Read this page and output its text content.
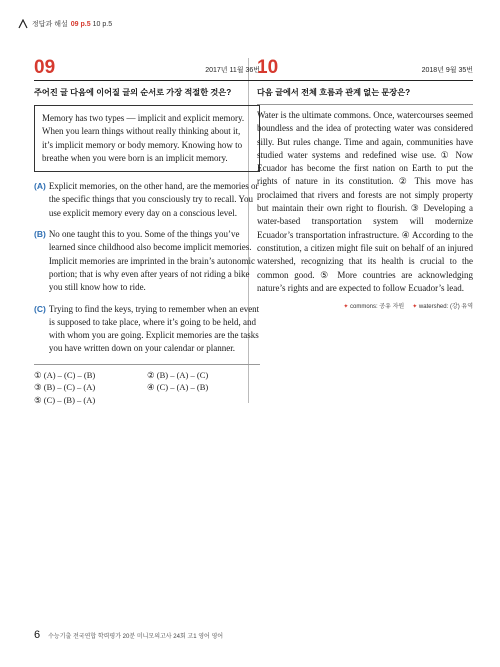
정답과 해설 09 p.5 10 p.5
09	2017년 11월 36번
주어진 글 다음에 이어질 글의 순서로 가장 적절한 것은?
Memory has two types — implicit and explicit memory. When you learn things without really thinking about it, it’s implicit memory or body memory. Knowing how to breathe when you were born is an implicit memory.
(A) Explicit memories, on the other hand, are the memories or the specific things that you consciously try to recall. You use explicit memory every day on a conscious level.
(B) No one taught this to you. Some of the things you’ve learned since childhood also become implicit memories. Implicit memories are imprinted in the brain’s autonomic portion; that is why even after years of not riding a bike you still know how to ride.
(C) Trying to find the keys, trying to remember when an event is supposed to take place, where it’s going to be held, and with whom you are going. Explicit memories are the tasks you have written down on your calendar or planner.
① (A) – (C) – (B)	② (B) – (A) – (C)
③ (B) – (C) – (A)	④ (C) – (A) – (B)
⑤ (C) – (B) – (A)
10	2018년 9월 35번
다음 글에서 전체 흐름과 관계 없는 문장은?
Water is the ultimate commons. Once, watercourses seemed boundless and the idea of protecting water was considered silly. But rules change. Time and again, communities have studied water systems and redefined wise use. ① Now Ecuador has become the first nation on Earth to put the rights of nature in its constitution. ② This move has proclaimed that rivers and forests are not simply property but maintain their own right to flourish. ③ Developing a water-based transportation system will modernize Ecuador’s transportation infrastructure. ④ According to the constitution, a citizen might file suit on behalf of an injured watershed, recognizing that its health is crucial to the common good. ⑤ More countries are acknowledging nature’s rights and are expected to follow Ecuador’s lead.
✦ commons: 공유 자원 ✦ watershed: (강) 유역
6 수능기출 전국연합 학력평가 20분 미니모의고사 24회 고1 영어 영어
